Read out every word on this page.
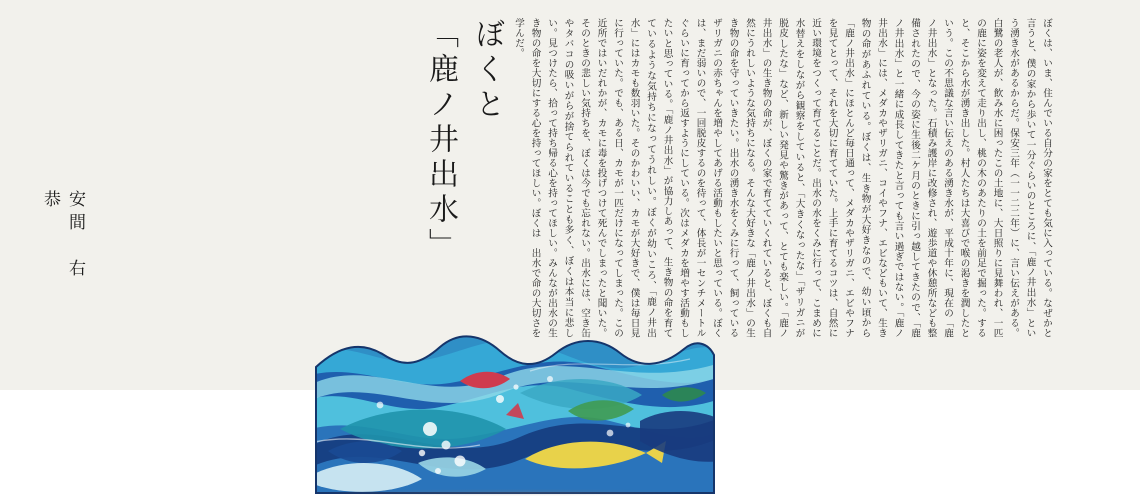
ぼくと
「鹿ノ井出水」	ぼくは、いま、住んでいる自分の家をとても気に入っている。なぜかと言うと、僕の家から歩いて一分ぐらいのところに、「鹿ノ井出水」という湧き水があるからだ。保安三年（一一二二年）に、言い伝えがある。白鷺の老人が、飲み水に困ったこの土地に、大日照りに見舞われ、一匹の鹿に姿を変えて走り出し、桃の木のあたりの土を前足で掘った。すると、そこから水が湧き出した。村人たちは大喜びで喉の渇きを潤したという。この不思議な言い伝えのある湧き水が、平成十年に、現在の「鹿ノ井出水」となった。石積み護岸に改修され、遊歩道や休憩所なども整備されたので、今の姿に生後二ケ月のときに引っ越してきたので、「鹿ノ井出水」と一緒に成長してきたと言っても言い過ぎではない。「鹿ノ井出水」には、メダカやザリガニ、コイやフナ、エビなどもいて、生き物の命があふれている。ぼくは、生き物が大好きなので、幼い頃から「鹿ノ井出水」にほとんど毎日通って、メダカやザリガニ、エビやフナを見てとって、それを大切に育てていた。上手に育てるコツは、自然に近い環境をつくって育てることだ。出水の水をくみに行って、こまめに水替えをしながら観察をしていると、「大きくなったな」「ザリガニが脱皮したな」など、新しい発見や驚きがあって、とても楽しい。「鹿ノ井出水」の生き物の命が、ぼくの家で育てていくれていると、ぼくも自然にうれしいような気持ちになる。そんな大好きな「鹿ノ井出水」の生き物の命を守っていきたい。出水の湧き水をくみに行って、飼っているザリガニの赤ちゃんを増やしてあげる活動もしたいと思っている。ぼくは、まだ弱いので、一回脱皮するのを待って、体長が一センチメートルぐらいに育ってから返すようにしている。次はメダカを増やす活動もしたいと思っている。「鹿ノ井出水」が協力しあって、生き物の命を育てているような気持ちになってうれしい。ぼくが幼いころ、「鹿ノ井出水」にはカモも数羽いた。そのかわいい、カモが大好きで、僕は毎日見に行っていた。でも、ある日、カモが一匹だけになってしまった。この近所ではいだれかが、カモに毒を投げつけて死んでしまったと聞いた。そのときの悲しい気持ちを、ぼくは今でも忘れない。出水には、空き缶やタバコの吸いがらが捨てられていることも多く、ぼくは本当に悲しい。見つけたら、拾って持ち帰る心を持ってほしい。みんなが出水の生き物の命を大切にする心を持ってほしい。ぼくは　出水で命の大切さを学んだ。
安間　右恭
